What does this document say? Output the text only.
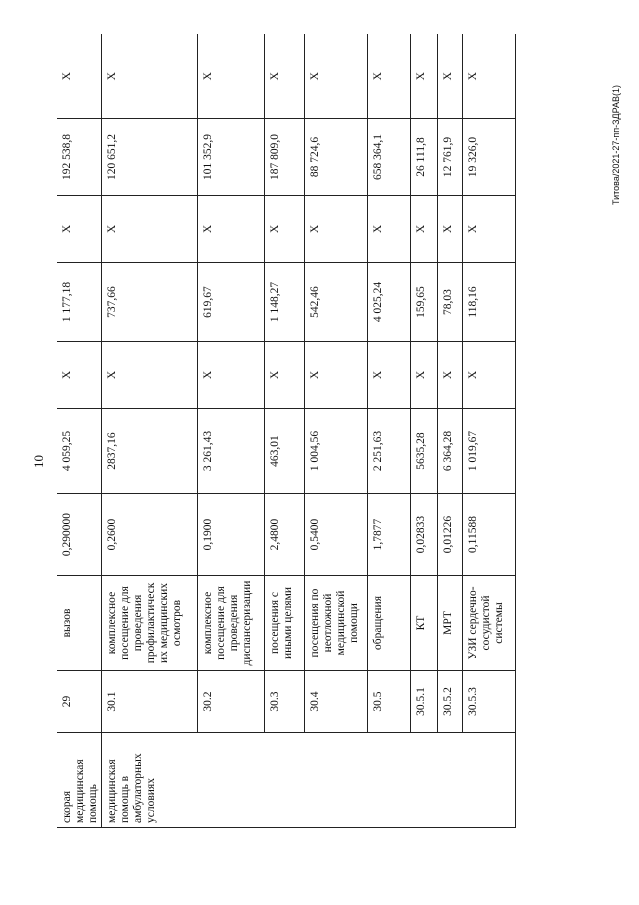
10
Титова/2021-27-пп-ЗДРАВ(1)
скорая медицинская помощь	29	вызов	0,290000	4 059,25	X	1 177,18	X	192 538,8	X
медицинская помощь в амбулаторных условиях	30.1	комплексное посещение для проведения профилактических медицинских осмотров	0,2600	2837,16	X	737,66	X	120 651,2	X
	30.2	комплексное посещение для проведения диспансеризации	0,1900	3 261,43	X	619,67	X	101 352,9	X
	30.3	посещения с иными целями	2,4800	463,01	X	1 148,27	X	187 809,0	X
	30.4	посещения по неотложной медицинской помощи	0,5400	1 004,56	X	542,46	X	88 724,6	X
	30.5	обращения	1,7877	2 251,63	X	4 025,24	X	658 364,1	X
	30.5.1	КТ	0,02833	5635,28	X	159,65	X	26 111,8	X
	30.5.2	МРТ	0,01226	6 364,28	X	78,03	X	12 761,9	X
	30.5.3	УЗИ сердечно-сосудистой системы	0,11588	1 019,67	X	118,16	X	19 326,0	X
